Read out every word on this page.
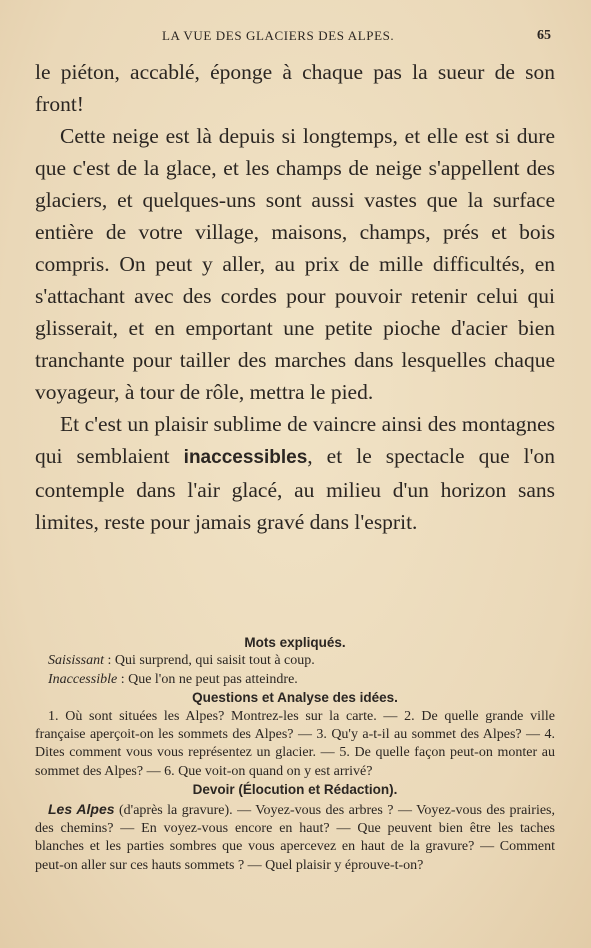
LA VUE DES GLACIERS DES ALPES.	65

le piéton, accablé, éponge à chaque pas la sueur de son front!

Cette neige est là depuis si longtemps, et elle est si dure que c'est de la glace, et les champs de neige s'appellent des glaciers, et quelques-uns sont aussi vastes que la surface entière de votre village, maisons, champs, prés et bois compris. On peut y aller, au prix de mille difficultés, en s'attachant avec des cordes pour pouvoir retenir celui qui glisserait, et en emportant une petite pioche d'acier bien tranchante pour tailler des marches dans lesquelles chaque voyageur, à tour de rôle, mettra le pied.

Et c'est un plaisir sublime de vaincre ainsi des montagnes qui semblaient inaccessibles, et le spectacle que l'on contemple dans l'air glacé, au milieu d'un horizon sans limites, reste pour jamais gravé dans l'esprit.

Mots expliqués.
Saisissant : Qui surprend, qui saisit tout à coup.
Inaccessible : Que l'on ne peut pas atteindre.
Questions et Analyse des idées.
1. Où sont situées les Alpes? Montrez-les sur la carte. — 2. De quelle grande ville française aperçoit-on les sommets des Alpes? — 3. Qu'y a-t-il au sommet des Alpes? — 4. Dites comment vous vous représentez un glacier. — 5. De quelle façon peut-on monter au sommet des Alpes? — 6. Que voit-on quand on y est arrivé?
Devoir (Élocution et Rédaction).
Les Alpes (d'après la gravure). — Voyez-vous des arbres ? — Voyez-vous des prairies, des chemins? — En voyez-vous encore en haut? — Que peuvent bien être les taches blanches et les parties sombres que vous apercevez en haut de la gravure? — Comment peut-on aller sur ces hauts sommets ? — Quel plaisir y éprouve-t-on?
